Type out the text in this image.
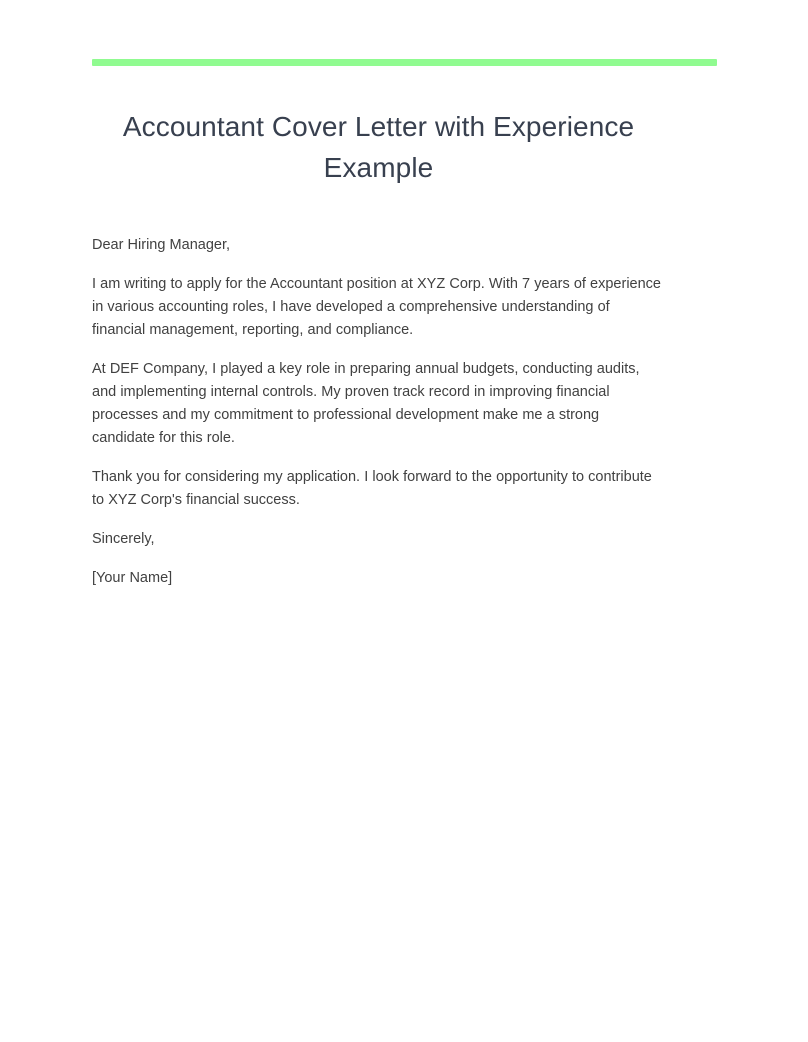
Accountant Cover Letter with Experience Example

Dear Hiring Manager,

I am writing to apply for the Accountant position at XYZ Corp. With 7 years of experience in various accounting roles, I have developed a comprehensive understanding of financial management, reporting, and compliance.

At DEF Company, I played a key role in preparing annual budgets, conducting audits, and implementing internal controls. My proven track record in improving financial processes and my commitment to professional development make me a strong candidate for this role.

Thank you for considering my application. I look forward to the opportunity to contribute to XYZ Corp's financial success.

Sincerely,

[Your Name]
